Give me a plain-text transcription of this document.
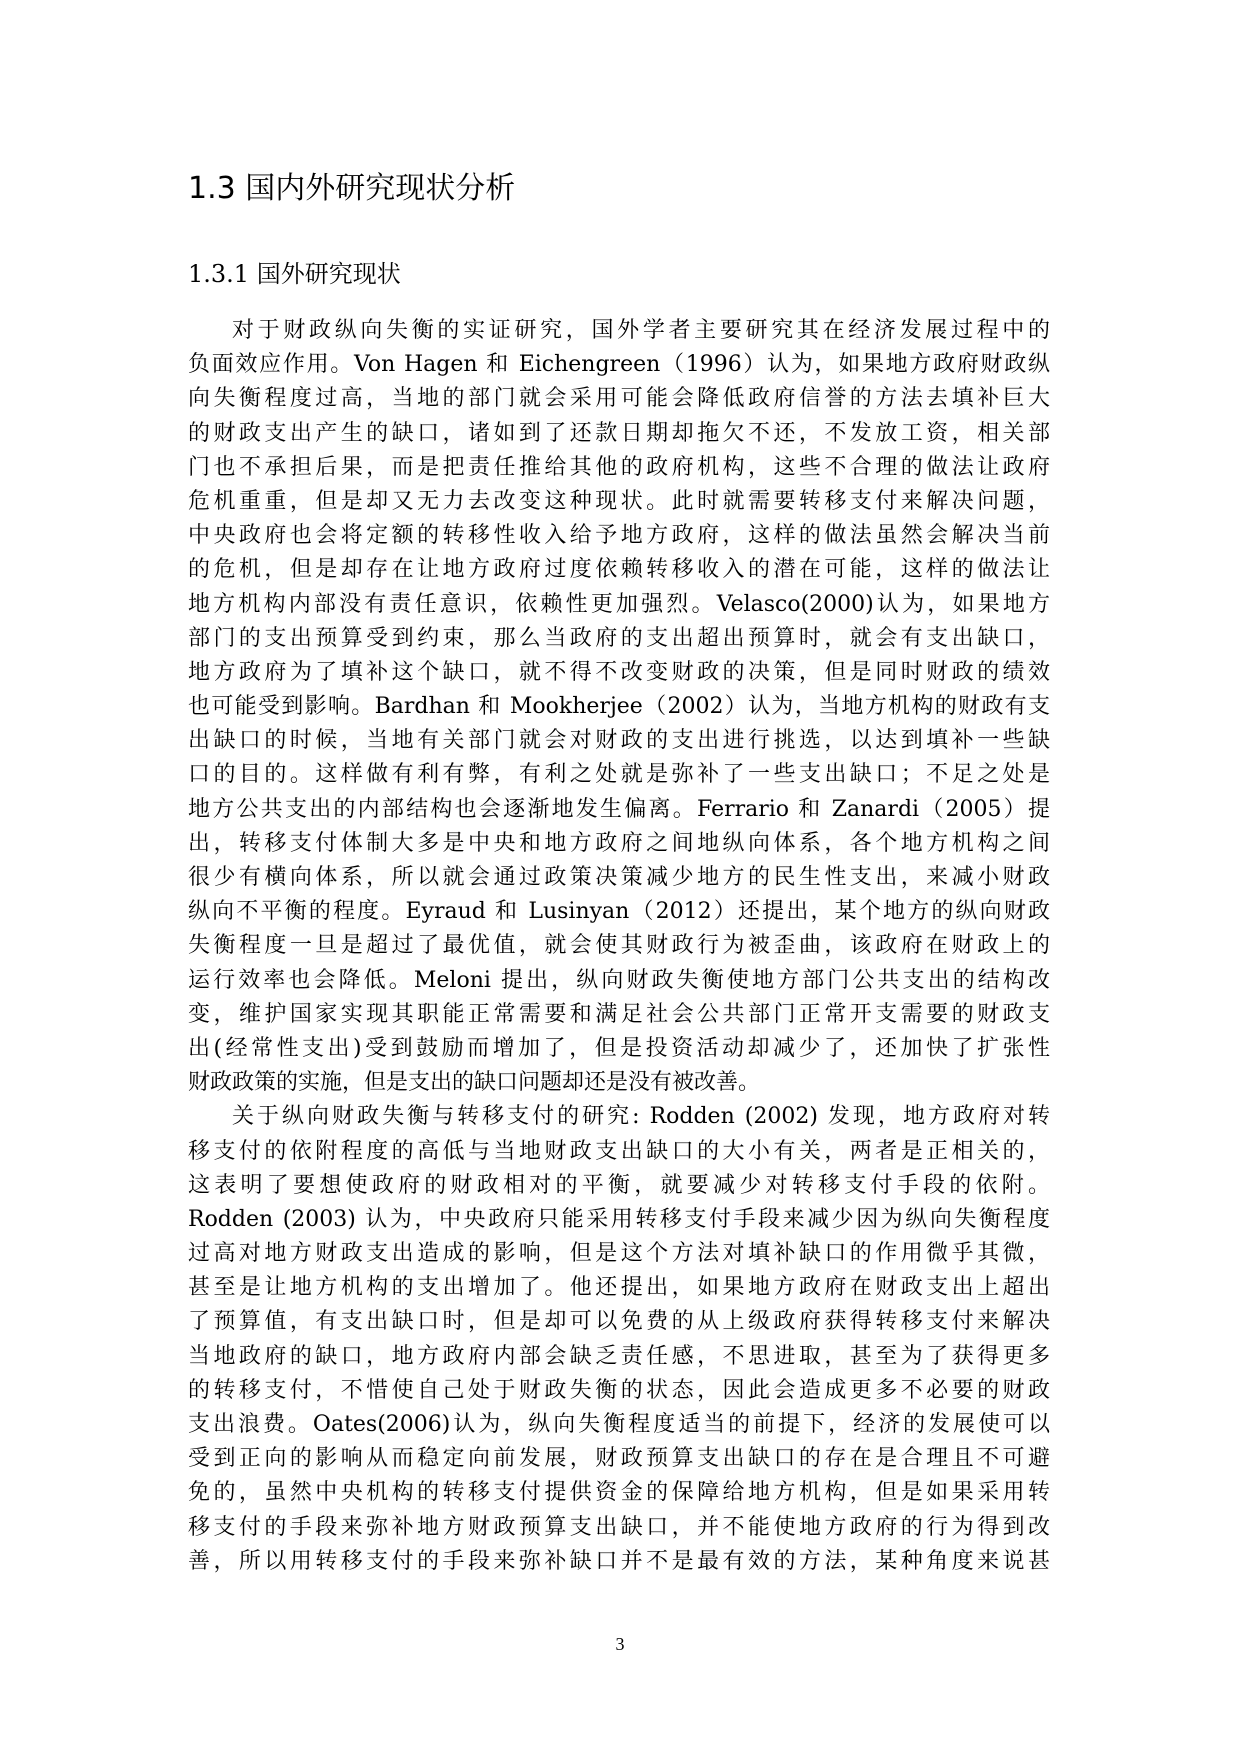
1.3 国内外研究现状分析
1.3.1 国外研究现状
对于财政纵向失衡的实证研究，国外学者主要研究其在经济发展过程中的
负面效应作用。Von Hagen 和 Eichengreen（1996）认为，如果地方政府财政纵
向失衡程度过高，当地的部门就会采用可能会降低政府信誉的方法去填补巨大
的财政支出产生的缺口，诸如到了还款日期却拖欠不还，不发放工资，相关部
门也不承担后果，而是把责任推给其他的政府机构，这些不合理的做法让政府
危机重重，但是却又无力去改变这种现状。此时就需要转移支付来解决问题，
中央政府也会将定额的转移性收入给予地方政府，这样的做法虽然会解决当前
的危机，但是却存在让地方政府过度依赖转移收入的潜在可能，这样的做法让
地方机构内部没有责任意识，依赖性更加强烈。Velasco(2000)认为，如果地方
部门的支出预算受到约束，那么当政府的支出超出预算时，就会有支出缺口，
地方政府为了填补这个缺口，就不得不改变财政的决策，但是同时财政的绩效
也可能受到影响。Bardhan 和 Mookherjee（2002）认为，当地方机构的财政有支
出缺口的时候，当地有关部门就会对财政的支出进行挑选，以达到填补一些缺
口的目的。这样做有利有弊，有利之处就是弥补了一些支出缺口；不足之处是
地方公共支出的内部结构也会逐渐地发生偏离。Ferrario 和 Zanardi（2005）提
出，转移支付体制大多是中央和地方政府之间地纵向体系，各个地方机构之间
很少有横向体系，所以就会通过政策决策减少地方的民生性支出，来减小财政
纵向不平衡的程度。Eyraud 和 Lusinyan（2012）还提出，某个地方的纵向财政
失衡程度一旦是超过了最优值，就会使其财政行为被歪曲，该政府在财政上的
运行效率也会降低。Meloni 提出，纵向财政失衡使地方部门公共支出的结构改
变，维护国家实现其职能正常需要和满足社会公共部门正常开支需要的财政支
出(经常性支出)受到鼓励而增加了，但是投资活动却减少了，还加快了扩张性
财政政策的实施，但是支出的缺口问题却还是没有被改善。
关于纵向财政失衡与转移支付的研究: Rodden (2002) 发现，地方政府对转
移支付的依附程度的高低与当地财政支出缺口的大小有关，两者是正相关的，
这表明了要想使政府的财政相对的平衡，就要减少对转移支付手段的依附。
Rodden (2003) 认为，中央政府只能采用转移支付手段来减少因为纵向失衡程度
过高对地方财政支出造成的影响，但是这个方法对填补缺口的作用微乎其微，
甚至是让地方机构的支出增加了。他还提出，如果地方政府在财政支出上超出
了预算值，有支出缺口时，但是却可以免费的从上级政府获得转移支付来解决
当地政府的缺口，地方政府内部会缺乏责任感，不思进取，甚至为了获得更多
的转移支付，不惜使自己处于财政失衡的状态，因此会造成更多不必要的财政
支出浪费。Oates(2006)认为，纵向失衡程度适当的前提下，经济的发展使可以
受到正向的影响从而稳定向前发展，财政预算支出缺口的存在是合理且不可避
免的，虽然中央机构的转移支付提供资金的保障给地方机构，但是如果采用转
移支付的手段来弥补地方财政预算支出缺口，并不能使地方政府的行为得到改
善，所以用转移支付的手段来弥补缺口并不是最有效的方法，某种角度来说甚
3
